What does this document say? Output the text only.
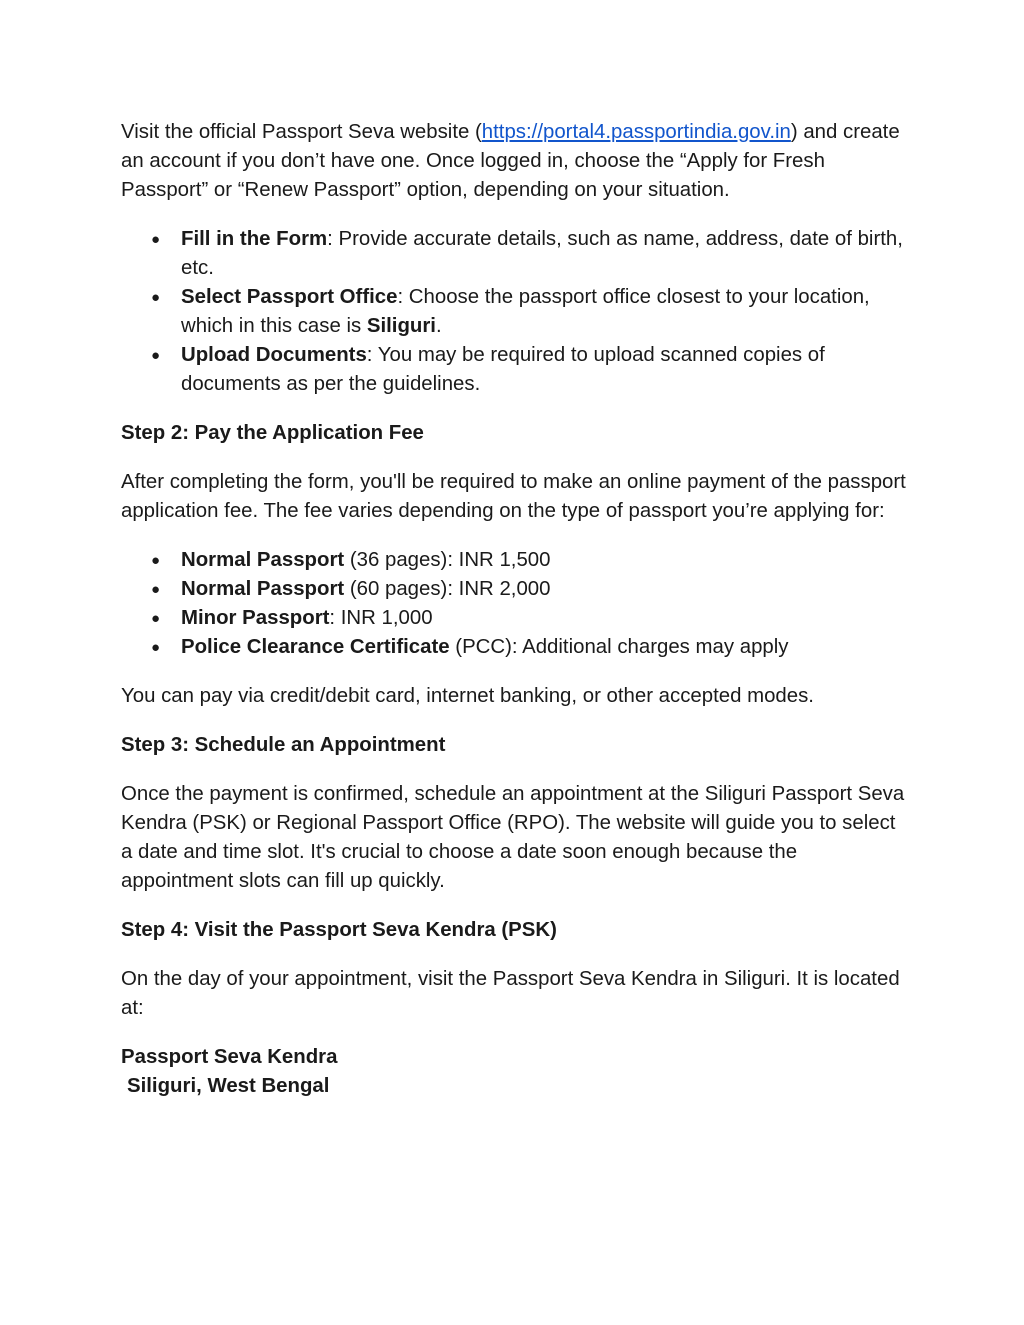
Visit the official Passport Seva website (https://portal4.passportindia.gov.in) and create an account if you don’t have one. Once logged in, choose the “Apply for Fresh Passport” or “Renew Passport” option, depending on your situation.

● Fill in the Form: Provide accurate details, such as name, address, date of birth, etc.
● Select Passport Office: Choose the passport office closest to your location, which in this case is Siliguri.
● Upload Documents: You may be required to upload scanned copies of documents as per the guidelines.

Step 2: Pay the Application Fee

After completing the form, you'll be required to make an online payment of the passport application fee. The fee varies depending on the type of passport you’re applying for:

● Normal Passport (36 pages): INR 1,500
● Normal Passport (60 pages): INR 2,000
● Minor Passport: INR 1,000
● Police Clearance Certificate (PCC): Additional charges may apply

You can pay via credit/debit card, internet banking, or other accepted modes.

Step 3: Schedule an Appointment

Once the payment is confirmed, schedule an appointment at the Siliguri Passport Seva Kendra (PSK) or Regional Passport Office (RPO). The website will guide you to select a date and time slot. It's crucial to choose a date soon enough because the appointment slots can fill up quickly.

Step 4: Visit the Passport Seva Kendra (PSK)

On the day of your appointment, visit the Passport Seva Kendra in Siliguri. It is located at:

Passport Seva Kendra
Siliguri, West Bengal
